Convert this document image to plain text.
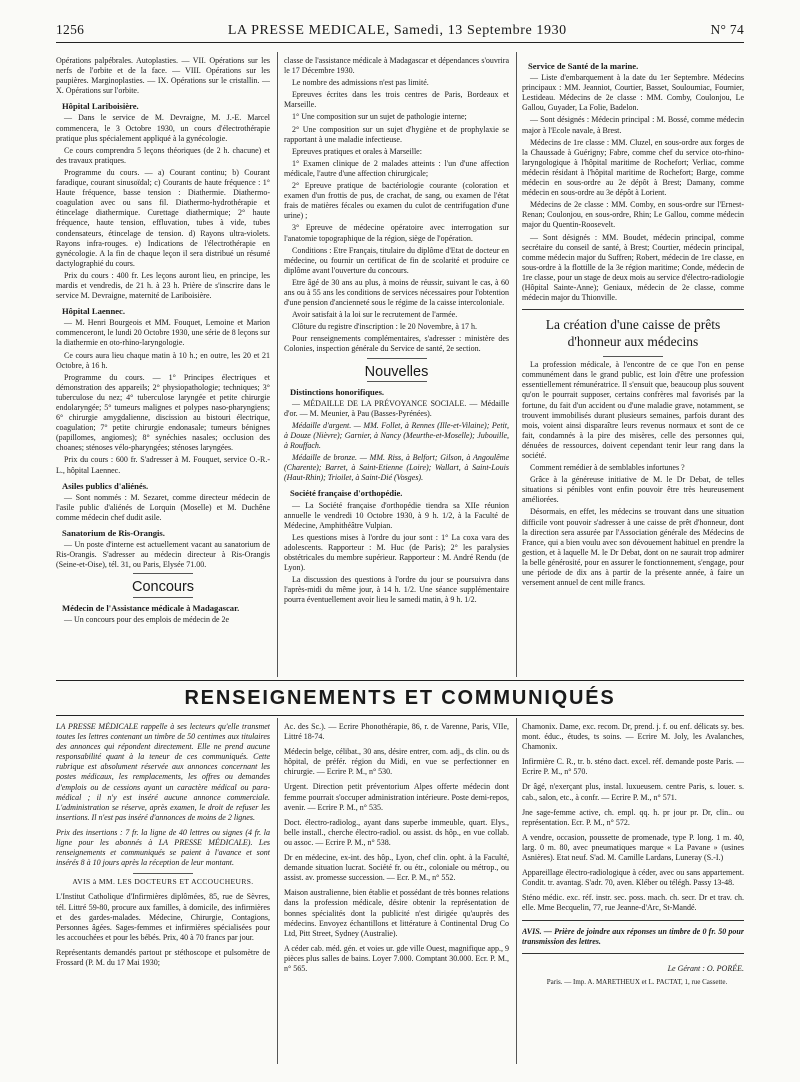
1256	LA PRESSE MEDICALE, Samedi, 13 Septembre 1930	N° 74

Opérations palpébrales. Autoplasties. — VII. Opérations sur les nerfs de l'orbite et de la face. — VIII. Opérations sur les paupières. Marginoplasties. — IX. Opérations sur le cristallin. — X. Opérations sur l'orbite.

Hôpital Lariboisière.

— Dans le service de M. Devraigne, M. J.-E. Marcel commencera, le 3 Octobre 1930, un cours d'électrothérapie pratique plus spécialement appliqué à la gynécologie.

Ce cours comprendra 5 leçons théoriques (de 2 h. chacune) et des travaux pratiques.

Programme du cours. — a) Courant continu; b) Courant faradique, courant sinusoïdal; c) Courants de haute fréquence : 1° Haute fréquence, basse tension : Diathermie. Diathermo-coagulation avec ou sans fil. Diathermo-hydrothérapie et étincelage diathermique. Curettage diathermique; 2° haute fréquence, haute tension, effluvation, tubes à vide, tubes condensateurs, étincelage de tension. d) Rayons ultra-violets. Rayons infra-rouges. e) Indications de l'électrothérapie en gynécologie. A la fin de chaque leçon il sera distribué un résumé dactylographié du cours.

Prix du cours : 400 fr. Les leçons auront lieu, en principe, les mardis et vendredis, de 21 h. à 23 h. Prière de s'inscrire dans le service M. Devraigne, maternité de Lariboisière.

Hôpital Laennec.

— M. Henri Bourgeois et MM. Fouquet, Lemoine et Marion commenceront, le lundi 20 Octobre 1930, une série de 8 leçons sur la diathermie en oto-rhino-laryngologie.

Ce cours aura lieu chaque matin à 10 h.; en outre, les 20 et 21 Octobre, à 16 h.

Programme du cours. — 1° Principes électriques et démonstration des appareils; 2° physiopathologie; techniques; 3° tuberculose du nez; 4° tuberculose laryngée et petite chirurgie endolaryngée; 5° tumeurs malignes et polypes naso-pharyngiens; 6° chirurgie amygdalienne, discission au bistouri électrique, coagulation; 7° petite chirurgie endonasale; tumeurs bénignes (papillomes, angiomes); 8° synéchies nasales; occlusion des choanes; sténoses vélo-pharyngées; sténoses laryngées.

Prix du cours : 600 fr. S'adresser à M. Fouquet, service O.-R.-L., hôpital Laennec.

Asiles publics d'aliénés.

— Sont nommés : M. Sezaret, comme directeur médecin de l'asile public d'aliénés de Lorquin (Moselle) et M. Duchêne comme médecin chef dudit asile.

Sanatorium de Ris-Orangis.

— Un poste d'interne est actuellement vacant au sanatorium de Ris-Orangis. S'adresser au médecin directeur à Ris-Orangis (Seine-et-Oise), tél. 31, ou Paris, Elysée 71.00.

Concours

Médecin de l'Assistance médicale à Madagascar.

— Un concours pour des emplois de médecin de 2e

classe de l'assistance médicale à Madagascar et dépendances s'ouvrira le 17 Décembre 1930.

Le nombre des admissions n'est pas limité.

Epreuves écrites dans les trois centres de Paris, Bordeaux et Marseille.

1° Une composition sur un sujet de pathologie interne;

2° Une composition sur un sujet d'hygiène et de prophylaxie se rapportant à une maladie infectieuse.

Epreuves pratiques et orales à Marseille:

1° Examen clinique de 2 malades atteints : l'un d'une affection médicale, l'autre d'une affection chirurgicale;

2° Epreuve pratique de bactériologie courante (coloration et examen d'un frottis de pus, de crachat, de sang, ou examen de l'état frais de matières fécales ou examen du culot de centrifugation d'une urine) ;

3° Epreuve de médecine opératoire avec interrogation sur l'anatomie topographique de la région, siège de l'opération.

Conditions : Etre Français, titulaire du diplôme d'Etat de docteur en médecine, ou fournir un certificat de fin de scolarité et produire ce diplôme avant l'ouverture du concours.

Etre âgé de 30 ans au plus, à moins de réussir, suivant le cas, à 60 ans ou à 55 ans les conditions de services nécessaires pour l'obtention d'une pension d'ancienneté sous le régime de la caisse intercoloniale.

Avoir satisfait à la loi sur le recrutement de l'armée.

Clôture du registre d'inscription : le 20 Novembre, à 17 h.

Pour renseignements complémentaires, s'adresser : ministère des Colonies, inspection générale du Service de santé, 2e section.

Nouvelles

Distinctions honorifiques.

— MÉDAILLE DE LA PRÉVOYANCE SOCIALE. — Médaille d'or. — M. Meunier, à Pau (Basses-Pyrénées).

Médaille d'argent. — MM. Follet, à Rennes (Ille-et-Vilaine); Petit, à Douze (Nièvre); Garnier, à Nancy (Meurthe-et-Moselle); Jubouille, à Rouffach.

Médaille de bronze. — MM. Riss, à Belfort; Gilson, à Angoulême (Charente); Barret, à Saint-Etienne (Loire); Wallart, à Saint-Louis (Haut-Rhin); Trioilet, à Saint-Dié (Vosges).

Société française d'orthopédie.

— La Société française d'orthopédie tiendra sa XIIe réunion annuelle le vendredi 10 Octobre 1930, à 9 h. 1/2, à la Faculté de Médecine, Amphithéâtre Vulpian.

Les questions mises à l'ordre du jour sont : 1° La coxa vara des adolescents. Rapporteur : M. Huc (de Paris); 2° les paralysies obstétricales du membre supérieur. Rapporteur : M. André Rendu (de Lyon).

La discussion des questions à l'ordre du jour se poursuivra dans l'après-midi du même jour, à 14 h. 1/2. Une séance supplémentaire pourra éventuellement avoir lieu le samedi matin, à 9 h. 1/2.

Service de Santé de la marine.

— Liste d'embarquement à la date du 1er Septembre. Médecins principaux : MM. Jeanniot, Courtier, Basset, Souloumiac, Fournier, Lestideau. Médecins de 2e classe : MM. Comby, Coulonjou, Le Gallou, Guyader, La Folie, Badelon.

— Sont désignés : Médecin principal : M. Bossé, comme médecin major à l'Ecole navale, à Brest.

Médecins de 1re classe : MM. Cluzel, en sous-ordre aux forges de la Chaussade à Guérigny; Fabre, comme chef du service oto-rhino-laryngologique à l'hôpital maritime de Rochefort; Verliac, comme médecin résidant à l'hôpital maritime de Rochefort; Barge, comme médecin en sous-ordre au 2e dépôt à Brest; Damany, comme médecin en sous-ordre au 3e dépôt à Lorient.

Médecins de 2e classe : MM. Comby, en sous-ordre sur l'Ernest-Renan; Coulonjou, en sous-ordre, Rhin; Le Gallou, comme médecin major du Quentin-Roosevelt.

— Sont désignés : MM. Boudet, médecin principal, comme secrétaire du conseil de santé, à Brest; Courtier, médecin principal, comme médecin major du Suffren; Robert, médecin de 1re classe, en sous-ordre à la flottille de la 3e région maritime; Conde, médecin de 1re classe, pour un stage de deux mois au service d'électro-radiologie (Hôpital Sainte-Anne); Geniaux, médecin de 2e classe, comme médecin major du Thionville.

La création d'une caisse de prêts d'honneur aux médecins

La profession médicale, à l'encontre de ce que l'on en pense communément dans le grand public, est loin d'être une profession essentiellement rémunératrice. Il s'ensuit que, beaucoup plus souvent qu'on le pourrait supposer, certains confrères mal favorisés par la fortune, du fait d'un accident ou d'une maladie grave, notamment, se trouvent immobilisés durant plusieurs semaines, parfois durant des mois, voient ainsi disparaître leurs revenus normaux et sont de ce fait, condamnés à la pire des misères, celle des personnes qui, dénuées de ressources, doivent cependant tenir leur rang dans la société.

Comment remédier à de semblables infortunes ?

Grâce à la généreuse initiative de M. le Dr Debat, de telles situations si pénibles vont enfin pouvoir être très heureusement améliorées.

Désormais, en effet, les médecins se trouvant dans une situation difficile vont pouvoir s'adresser à une caisse de prêt d'honneur, dont la direction sera assurée par l'Association générale des Médecins de France, qui a bien voulu avec son dévouement habituel en prendre la gestion, et à laquelle M. le Dr Debat, dont on ne saurait trop admirer la belle générosité, pour en assurer le fonctionnement, s'engage, pour une période de dix ans à partir de la présente année, à faire un versement annuel de cent mille francs.

RENSEIGNEMENTS ET COMMUNIQUÉS

LA PRESSE MÉDICALE rappelle à ses lecteurs qu'elle transmet toutes les lettres contenant un timbre de 50 centimes aux titulaires des annonces qui répondent directement. Elle ne prend aucune responsabilité quant à la teneur de ces communiqués. Cette rubrique est absolument réservée aux annonces concernant les postes médicaux, les remplacements, les offres ou demandes d'emplois ou de cessions ayant un caractère médical ou para-médical ; il n'y est inséré aucune annonce commerciale. L'administration se réserve, après examen, le droit de refuser les insertions. Il n'est pas inséré d'annonces de moins de 2 lignes.

Prix des insertions : 7 fr. la ligne de 40 lettres ou signes (4 fr. la ligne pour les abonnés à LA PRESSE MÉDICALE). Les renseignements et communiqués se paient à l'avance et sont insérés 8 à 10 jours après la réception de leur montant.

AVIS à MM. LES DOCTEURS ET ACCOUCHEURS.

L'Institut Catholique d'Infirmières diplômées, 85, rue de Sèvres, tél. Littré 59-80, procure aux familles, à domicile, des infirmières et des gardes-malades. Médecine, Chirurgie, Contagions, Personnes âgées. Sages-femmes et infirmières spécialisées pour les accouchées et pour les bébés. Prix, 40 à 70 francs par jour.

Représentants demandés partout pr stéthoscope et pulsomètre de Frossard (P. M. du 17 Mai 1930;

Ac. des Sc.). — Ecrire Phonothérapie, 86, r. de Varenne, Paris, VIIe, Littré 18-74.

Médecin belge, célibat., 30 ans, désire entrer, com. adj., ds clin. ou ds hôpital, de préfér. région du Midi, en vue se perfectionner en chirurgie. — Ecrire P. M., n° 530.

Urgent. Direction petit préventorium Alpes offerte médecin dont femme pourrait s'occuper administration intérieure. Poste demi-repos, avenir. — Ecrire P. M., n° 535.

Doct. électro-radiolog., ayant dans superbe immeuble, quart. Elys., belle install., cherche électro-radiol. ou assist. ds hôp., en vue collab. ou assoc. — Ecrire P. M., n° 538.

Dr en médecine, ex-int. des hôp., Lyon, chef clin. opht. à la Faculté, demande situation lucrat. Société fr. ou étr., coloniale ou métrop., ou assist. av. promesse succession. — Ecr. P. M., n° 552.

Maison australienne, bien établie et possédant de très bonnes relations dans la profession médicale, désire obtenir la représentation de bonnes spécialités dont la publicité n'est dirigée qu'auprès des médecins. Envoyez échantillons et littérature à Continental Drug Co Ltd, Pitt Street, Sydney (Australie).

A céder cab. méd. gén. et voies ur. gde ville Ouest, magnifique app., 9 pièces plus salles de bains. Loyer 7.000. Comptant 30.000. Ecr. P. M., n° 565.

Chamonix. Dame, exc. recom. Dr, prend. j. f. ou enf. délicats sy. bes. mont. éduc., études, ts soins. — Ecrire M. Joly, les Avalanches, Chamonix.

Infirmière C. R., tr. b. sténo dact. excel. réf. demande poste Paris. — Ecrire P. M., n° 570.

Dr âgé, n'exerçant plus, instal. luxueusem. centre Paris, s. louer. s. cab., salon, etc., à confr. — Ecrire P. M., n° 571.

Jne sage-femme active, ch. empl. qq. h. pr jour pr. Dr, clin.. ou représentation. Ecr. P. M., n° 572.

A vendre, occasion, poussette de promenade, type P. long. 1 m. 40, larg. 0 m. 80, avec pneumatiques marque « La Pavane » (usines Asnières). Etat neuf. S'ad. M. Camille Lardans, Luneray (S.-I.)

Appareillage électro-radiologique à céder, avec ou sans appartement. Condit. tr. avantag. S'adr. 70, aven. Kléber ou télégh. Passy 13-48.

Sténo médic. exc. réf. instr. sec. poss. mach. ch. secr. Dr et trav. ch. elle. Mme Becquelin, 77, rue Jeanne-d'Arc, St-Mandé.

AVIS. — Prière de joindre aux réponses un timbre de 0 fr. 50 pour transmission des lettres.

Le Gérant : O. PORÉE.

Paris. — Imp. A. MARETHEUX et L. PACTAT, 1, rue Cassette.
